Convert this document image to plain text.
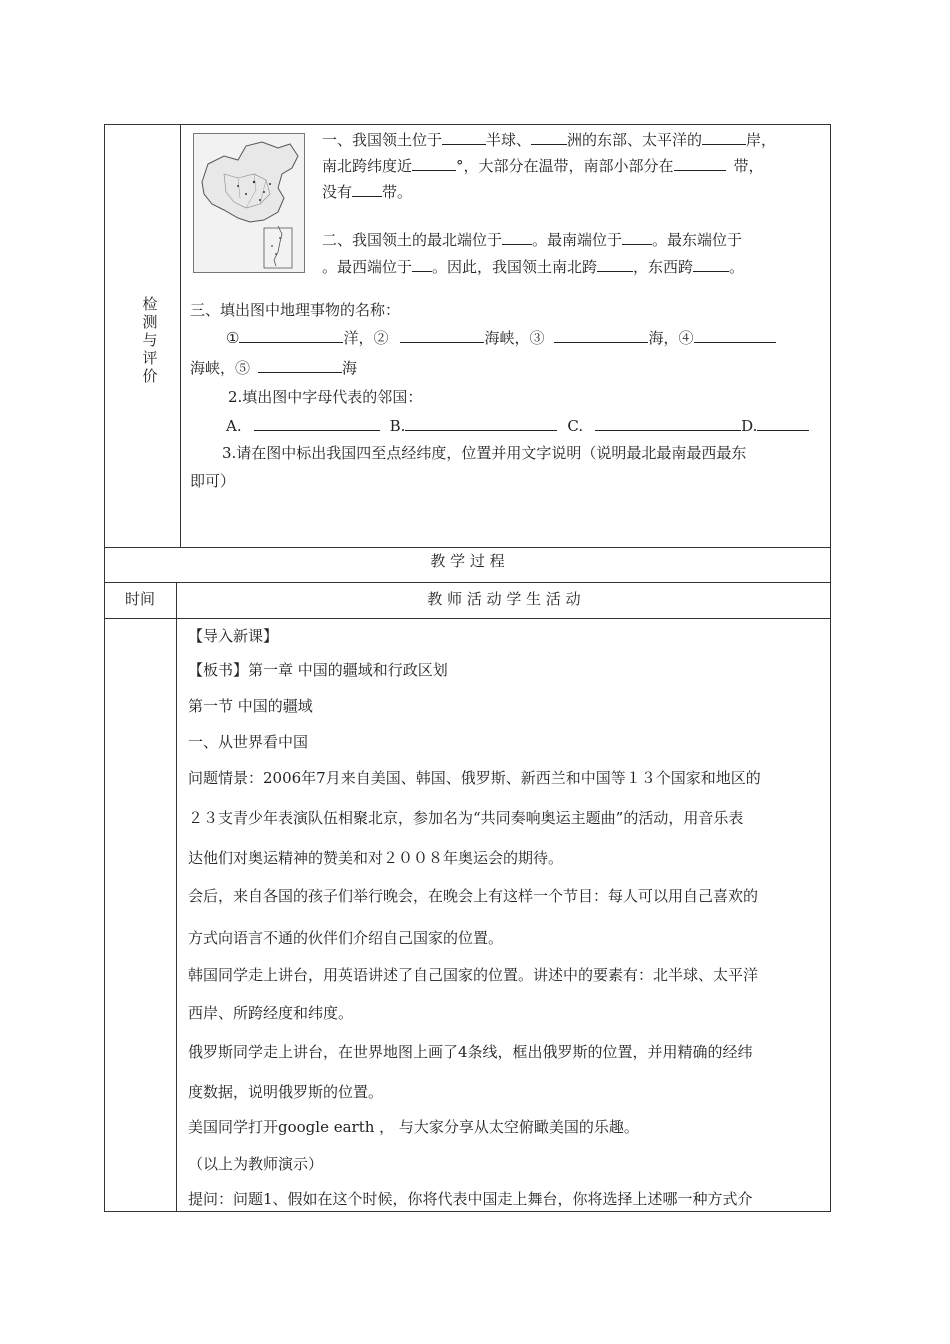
检
测
与
评
价
一、我国领土位于	半球、 洲的东部、太平洋的	岸，
南北跨纬度近	°，大部分在温带，南部小部分在	带，
没有 带。
二、我国领土的最北端位于 。最南端位于 。最东端位于
。最西端位于 。因此，我国领土南北跨 ，东西跨 。
三、填出图中地理事物的名称：
①	洋，②	海峡，③	海，④
海峡，⑤	海
2.填出图中字母代表的邻国：
A.	B.	C.	D.
3.请在图中标出我国四至点经纬度，位置并用文字说明（说明最北最南最西最东
即可）
教 学 过 程
时间	教 师 活 动 学 生 活 动
【导入新课】
【板书】第一章 中国的疆域和行政区划
第一节 中国的疆域
一、从世界看中国
问题情景：2006年7月来自美国、韩国、俄罗斯、新西兰和中国等１３个国家和地区的
２３支青少年表演队伍相聚北京，参加名为“共同奏响奥运主题曲”的活动，用音乐表
达他们对奥运精神的赞美和对２００８年奥运会的期待。
会后，来自各国的孩子们举行晚会，在晚会上有这样一个节目：每人可以用自己喜欢的
方式向语言不通的伙伴们介绍自己国家的位置。
韩国同学走上讲台，用英语讲述了自己国家的位置。讲述中的要素有：北半球、太平洋
西岸、所跨经度和纬度。
俄罗斯同学走上讲台，在世界地图上画了4条线，框出俄罗斯的位置，并用精确的经纬
度数据，说明俄罗斯的位置。
美国同学打开google earth ， 与大家分享从太空俯瞰美国的乐趣。
（以上为教师演示）
提问：问题1、假如在这个时候，你将代表中国走上舞台，你将选择上述哪一种方式介
